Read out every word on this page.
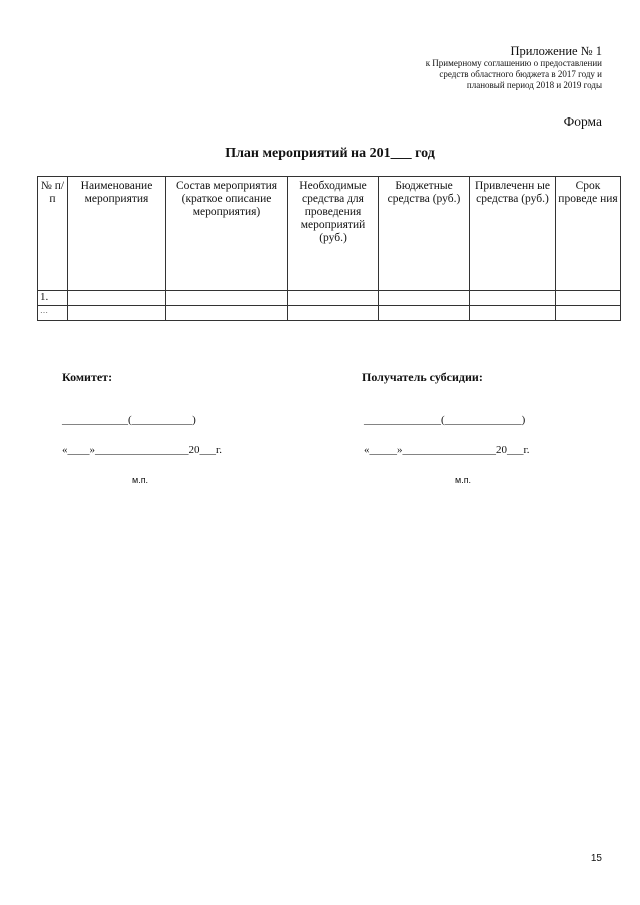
Приложение № 1
к Примерному соглашению о предоставлении
средств областного бюджета в 2017 году и
плановый период 2018 и 2019 годы
Форма
План мероприятий на 201___ год
№ п/п	Наименование мероприятия	Состав мероприятия (краткое описание мероприятия)	Необходимые средства для проведения мероприятий (руб.)	Бюджетные средства (руб.)	Привлеченн ые средства (руб.)	Срок проведе ния
1.						
…						
Комитет:
____________(___________)
«____»_________________20___г.
м.п.
Получатель субсидии:
______________(______________)
«_____»_________________20___г.
м.п.
15
